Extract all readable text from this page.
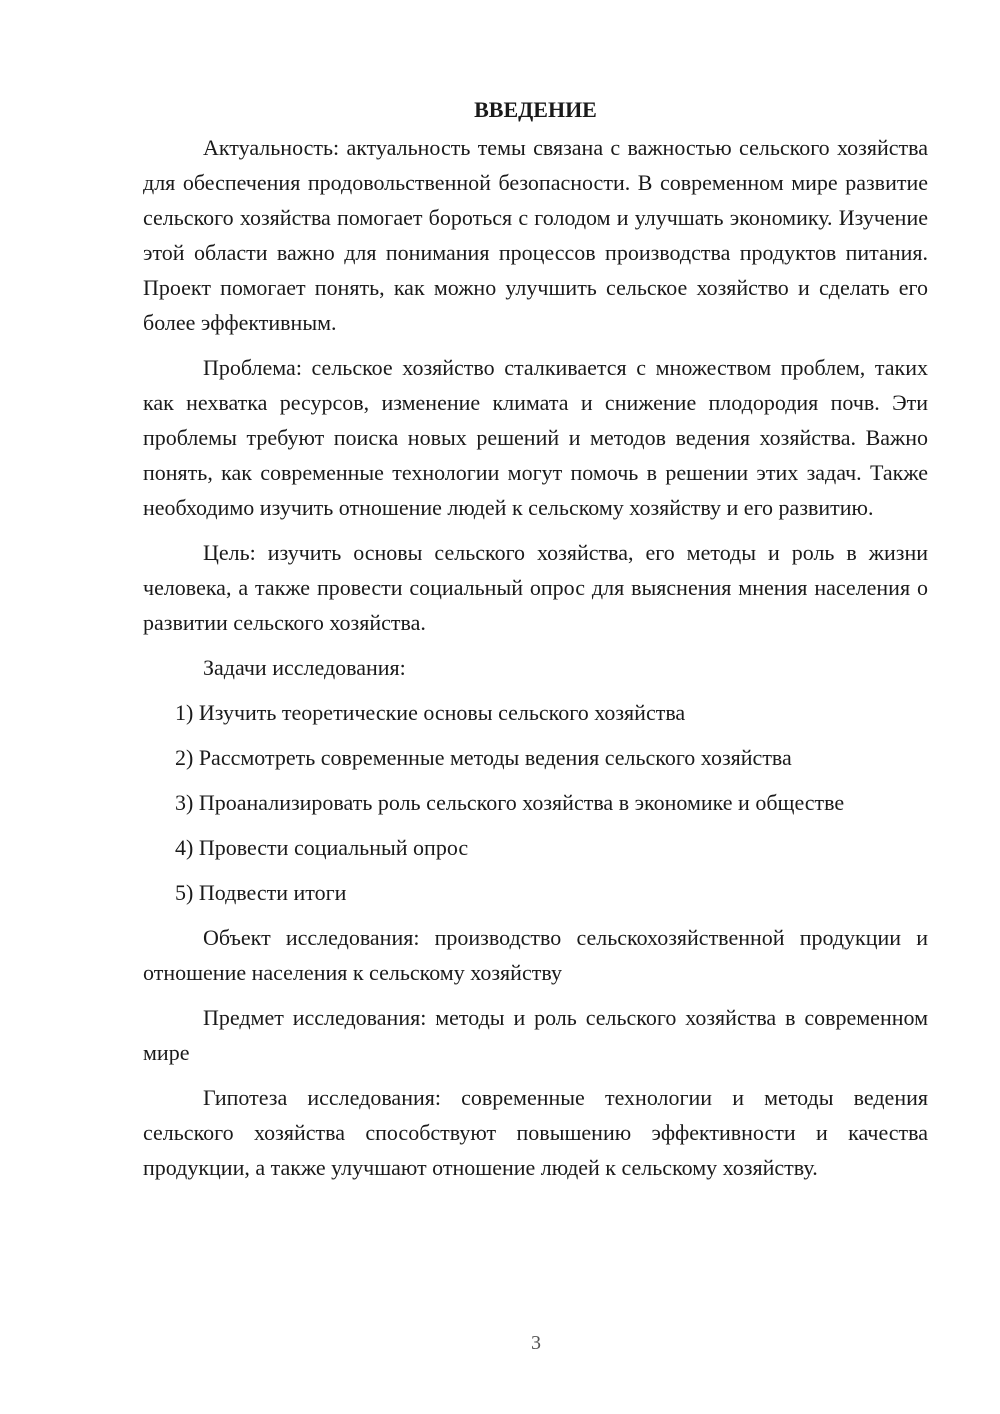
ВВЕДЕНИЕ

Актуальность: актуальность темы связана с важностью сельского хозяйства для обеспечения продовольственной безопасности. В современном мире развитие сельского хозяйства помогает бороться с голодом и улучшать экономику. Изучение этой области важно для понимания процессов производства продуктов питания. Проект помогает понять, как можно улучшить сельское хозяйство и сделать его более эффективным.

Проблема: сельское хозяйство сталкивается с множеством проблем, таких как нехватка ресурсов, изменение климата и снижение плодородия почв. Эти проблемы требуют поиска новых решений и методов ведения хозяйства. Важно понять, как современные технологии могут помочь в решении этих задач. Также необходимо изучить отношение людей к сельскому хозяйству и его развитию.

Цель: изучить основы сельского хозяйства, его методы и роль в жизни человека, а также провести социальный опрос для выяснения мнения населения о развитии сельского хозяйства.

Задачи исследования:

1) Изучить теоретические основы сельского хозяйства

2) Рассмотреть современные методы ведения сельского хозяйства

3) Проанализировать роль сельского хозяйства в экономике и обществе

4) Провести социальный опрос

5) Подвести итоги

Объект исследования: производство сельскохозяйственной продукции и отношение населения к сельскому хозяйству

Предмет исследования: методы и роль сельского хозяйства в современном мире

Гипотеза исследования: современные технологии и методы ведения сельского хозяйства способствуют повышению эффективности и качества продукции, а также улучшают отношение людей к сельскому хозяйству.

3
